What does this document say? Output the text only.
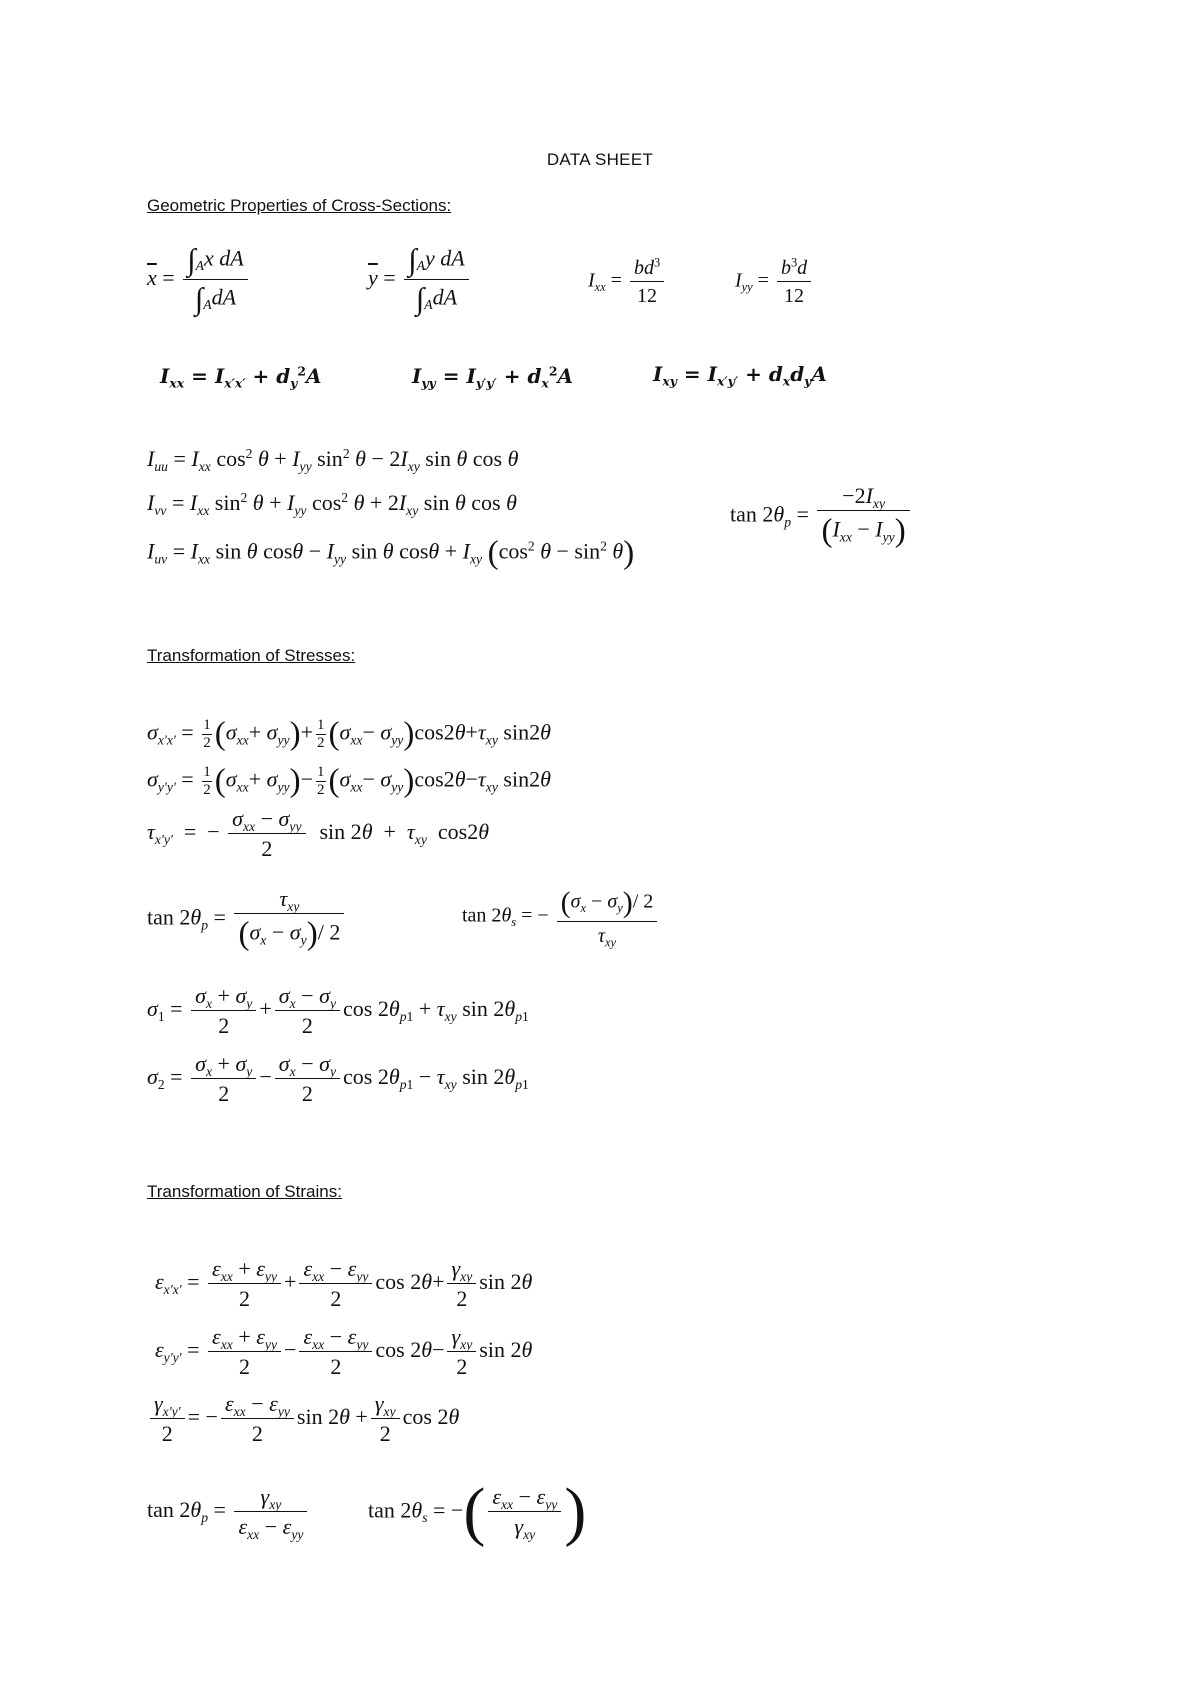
DATA SHEET
Geometric Properties of Cross-Sections:
$\overline{x} = \frac{\int_Ax dA}{\int_AdA}$	$\overline{y} = \frac{\int_Ay dA}{\int_AdA}$	$I_{xx} = \frac{bd^3}{12}$	$I_{yy} = \frac{b^3d}{12}$
$I_{xx} = I_{x'x'} + d_y^2A$	$I_{yy} = I_{y'y'} + d_x^2A$	$I_{xy} = I_{x'y'} + d_xd_yA$
$I_{uu} = I_{xx}$ $\cos^2 \theta + I_{yy}$ $\sin^2 \theta - 2I_{xy}$ sin θ cos θ
$I_{vv} = I_{xx}$ $\sin^2 \theta + I_{yy}$ $\cos^2 \theta + 2I_{xy}$ sin θ cos θ
$I_{uv} = I_{xx}$ sin θ $\cos\theta - I_{yy}$ sin θ $\cos\theta + I_{xy}$ ($\cos^2$ $\theta - \sin^2 \theta$)
$\tan 2\theta_p = \frac{-2I_{xy}}{(I_{xx} - I_{yy})}$
Transformation of Stresses:
$\sigma_{x'x'} = \frac{1}{2} (\sigma_{xx}+ \sigma_{yy})+ \frac{1}{2} (\sigma_{xx}- \sigma_{yy})\cos 2\theta+\tau_{xy}$ sin2θ
$\sigma_{y'y'} = \frac{1}{2} (\sigma_{xx}+ \sigma_{yy})- \frac{1}{2} (\sigma_{xx}- \sigma_{yy})\cos 2\theta-\tau_{xy}$ sin2θ
$\tau_{x'y'}$  =  − $\frac{\sigma_{xx} - \sigma_{yy}}{2}$ $\sin 2\theta + \tau_{xy}$  cos2θ
$\tan 2\theta_p = \frac{\tau_{xy}}{(\sigma_x - \sigma_y)/ 2}$	$\tan 2\theta_s$ = − $\frac{(\sigma_x - \sigma_y)/ 2}{\tau_{xy}}$
$\sigma_1 = \frac{\sigma_x + \sigma_y}{2} + \frac{\sigma_x - \sigma_y}{2}$ $\cos 2\theta_{p1} + \tau_{xy}$ $\sin 2\theta_{p1}$
$\sigma_2 = \frac{\sigma_x + \sigma_y}{2} - \frac{\sigma_x - \sigma_y}{2}$ $\cos 2\theta_{p1} - \tau_{xy}$ $\sin 2\theta_{p1}$
Transformation of Strains:
$\varepsilon_{x'x'} = \frac{\varepsilon_{xx} + \varepsilon_{yy}}{2} + \frac{\varepsilon_{xx} - \varepsilon_{yy}}{2}$ $\cos 2\theta+ \frac{\gamma_{xy}}{2}$ sin 2θ
$\varepsilon_{y'y'} = \frac{\varepsilon_{xx} + \varepsilon_{yy}}{2} - \frac{\varepsilon_{xx} - \varepsilon_{yy}}{2}$ $\cos 2\theta- \frac{\gamma_{xy}}{2}$ sin 2θ
$\frac{\gamma_{x'y'}}{2}$ = − $\frac{\varepsilon_{xx} - \varepsilon_{yy}}{2}$ $\sin 2\theta + \frac{\gamma_{xy}}{2}$ cos 2θ
$\tan 2\theta_p = \frac{\gamma_{xy}}{\varepsilon_{xx} - \varepsilon_{yy}}$	$\tan 2\theta_s$ = −( $\frac{\varepsilon_{xx} - \varepsilon_{yy}}{\gamma_{xy}}$ )
